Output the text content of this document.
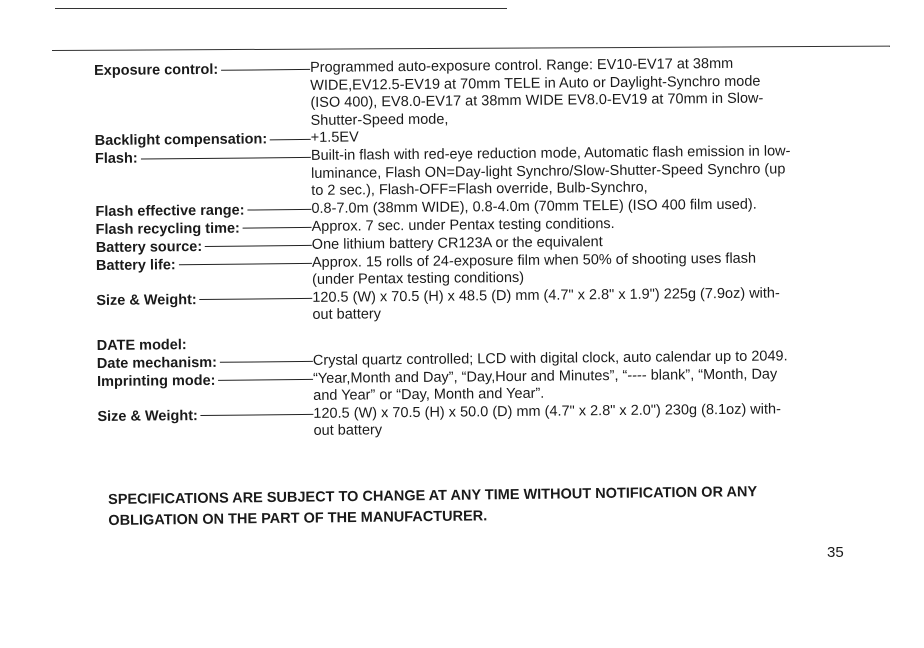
Exposure control:	Programmed auto-exposure control. Range: EV10-EV17 at 38mm
WIDE,EV12.5-EV19 at 70mm TELE in Auto or Daylight-Synchro mode
(ISO 400), EV8.0-EV17 at 38mm WIDE EV8.0-EV19 at 70mm in Slow-
Shutter-Speed mode,
Backlight compensation:	+1.5EV
Flash:	Built-in flash with red-eye reduction mode, Automatic flash emission in low-
luminance, Flash ON=Day-light Synchro/Slow-Shutter-Speed Synchro (up
to 2 sec.), Flash-OFF=Flash override, Bulb-Synchro,
Flash effective range:	0.8-7.0m (38mm WIDE), 0.8-4.0m (70mm TELE) (ISO 400 film used).
Flash recycling time:	Approx. 7 sec. under Pentax testing conditions.
Battery source:	One lithium battery CR123A or the equivalent
Battery life:	Approx. 15 rolls of 24-exposure film when 50% of shooting uses flash
(under Pentax testing conditions)
Size & Weight:	120.5 (W) x 70.5 (H) x 48.5 (D) mm (4.7" x 2.8" x 1.9") 225g (7.9oz) with-
out battery
DATE model:
Date mechanism:	Crystal quartz controlled; LCD with digital clock, auto calendar up to 2049.
Imprinting mode:	“Year,Month and Day”, “Day,Hour and Minutes”, “---- blank”, “Month, Day
and Year” or “Day, Month and Year”.
Size & Weight:	120.5 (W) x 70.5 (H) x 50.0 (D) mm (4.7" x 2.8" x 2.0") 230g (8.1oz) with-
out battery
SPECIFICATIONS ARE SUBJECT TO CHANGE AT ANY TIME WITHOUT NOTIFICATION OR ANY
OBLIGATION ON THE PART OF THE MANUFACTURER.
35
